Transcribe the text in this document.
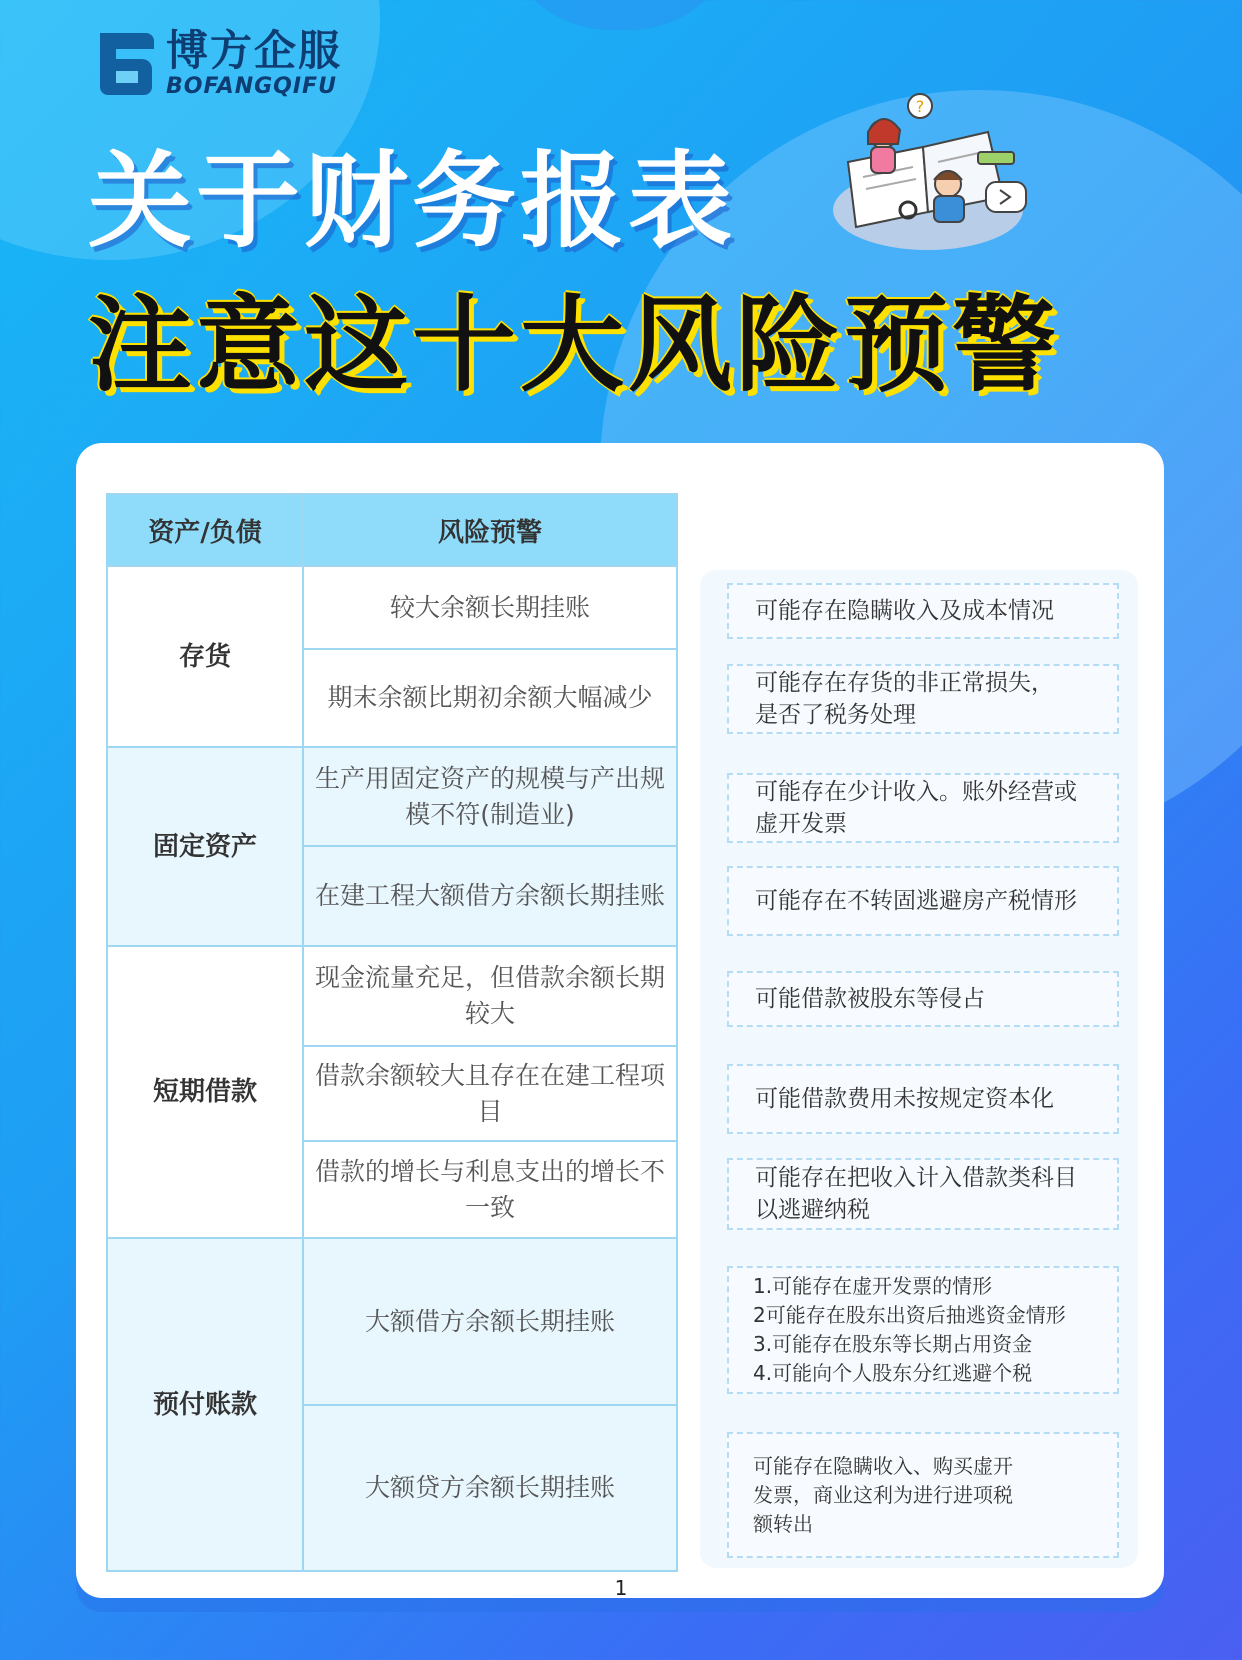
博方企服
BOFANGQIFU
关于财务报表
注意这十大风险预警
?
资产/负债	风险预警
存货	较大余额长期挂账
	期末余额比期初余额大幅减少
固定资产	生产用固定资产的规模与产出规模不符(制造业)
	在建工程大额借方余额长期挂账
短期借款	现金流量充足，但借款余额长期较大
	借款余额较大且存在在建工程项目
	借款的增长与利息支出的增长不一致
预付账款	大额借方余额长期挂账
	大额贷方余额长期挂账
可能存在隐瞒收入及成本情况
可能存在存货的非正常损失，
是否了税务处理
可能存在少计收入。账外经营或
虚开发票
可能存在不转固逃避房产税情形
可能借款被股东等侵占
可能借款费用未按规定资本化
可能存在把收入计入借款类科目
以逃避纳税
1.可能存在虚开发票的情形
2可能存在股东出资后抽逃资金情形
3.可能存在股东等长期占用资金
4.可能向个人股东分红逃避个税
可能存在隐瞒收入、购买虚开
发票，商业这利为进行进项税
额转出
1
